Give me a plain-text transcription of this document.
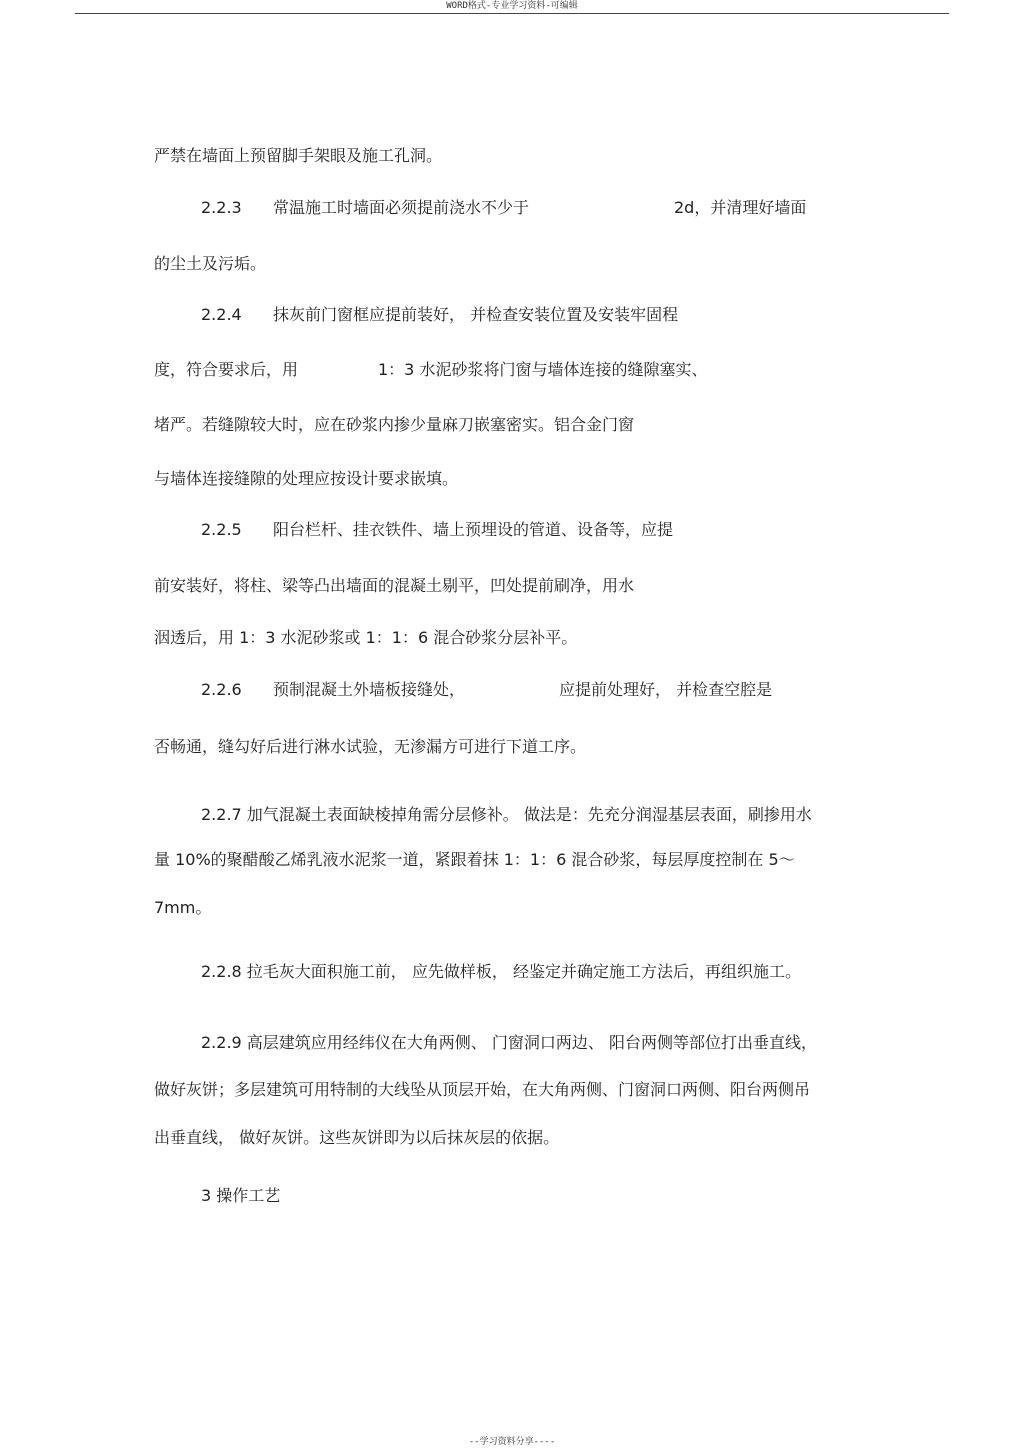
WORD格式-专业学习资料-可编辑
严禁在墙面上预留脚手架眼及施工孔洞。
2.2.3 常温施工时墙面必须提前浇水不少于	2d，并清理好墙面
的尘土及污垢。
2.2.4 抹灰前门窗框应提前装好， 并检查安装位置及安装牢固程
度，符合要求后，用	1：3 水泥砂浆将门窗与墙体连接的缝隙塞实、
堵严。若缝隙较大时，应在砂浆内掺少量麻刀嵌塞密实。铝合金门窗
与墙体连接缝隙的处理应按设计要求嵌填。
2.2.5 阳台栏杆、挂衣铁件、墙上预埋设的管道、设备等，应提
前安装好，将柱、梁等凸出墙面的混凝土剔平，凹处提前刷净，用水
洇透后，用 1：3 水泥砂浆或 1：1：6 混合砂浆分层补平。
2.2.6 预制混凝土外墙板接缝处，	应提前处理好， 并检查空腔是
否畅通，缝勾好后进行淋水试验，无渗漏方可进行下道工序。
2.2.7 加气混凝土表面缺棱掉角需分层修补。 做法是：先充分润湿基层表面，刷掺用水
量 10%的聚醋酸乙烯乳液水泥浆一道，紧跟着抹 1：1：6 混合砂浆，每层厚度控制在 5～
7mm。
2.2.8 拉毛灰大面积施工前， 应先做样板， 经鉴定并确定施工方法后，再组织施工。
2.2.9 高层建筑应用经纬仪在大角两侧、 门窗洞口两边、 阳台两侧等部位打出垂直线，
做好灰饼；多层建筑可用特制的大线坠从顶层开始，在大角两侧、门窗洞口两侧、阳台两侧吊
出垂直线， 做好灰饼。这些灰饼即为以后抹灰层的依据。
3 操作工艺
--学习资料分享----
